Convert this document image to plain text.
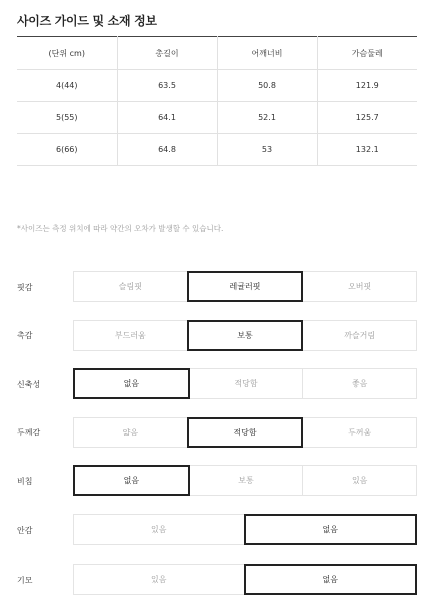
사이즈 가이드 및 소재 정보
(단위 cm)	총길이	어깨너비	가슴둘레
4(44)	63.5	50.8	121.9
5(55)	64.1	52.1	125.7
6(66)	64.8	53	132.1
*사이즈는 측정 위치에 따라 약간의 오차가 발생할 수 있습니다.
핏감	슬림핏	레귤러핏	오버핏
촉감	부드러움	보통	까슬거림
신축성	없음	적당함	좋음
두께감	얇음	적당함	두꺼움
비침	없음	보통	있음
안감	있음	없음
기모	있음	없음
